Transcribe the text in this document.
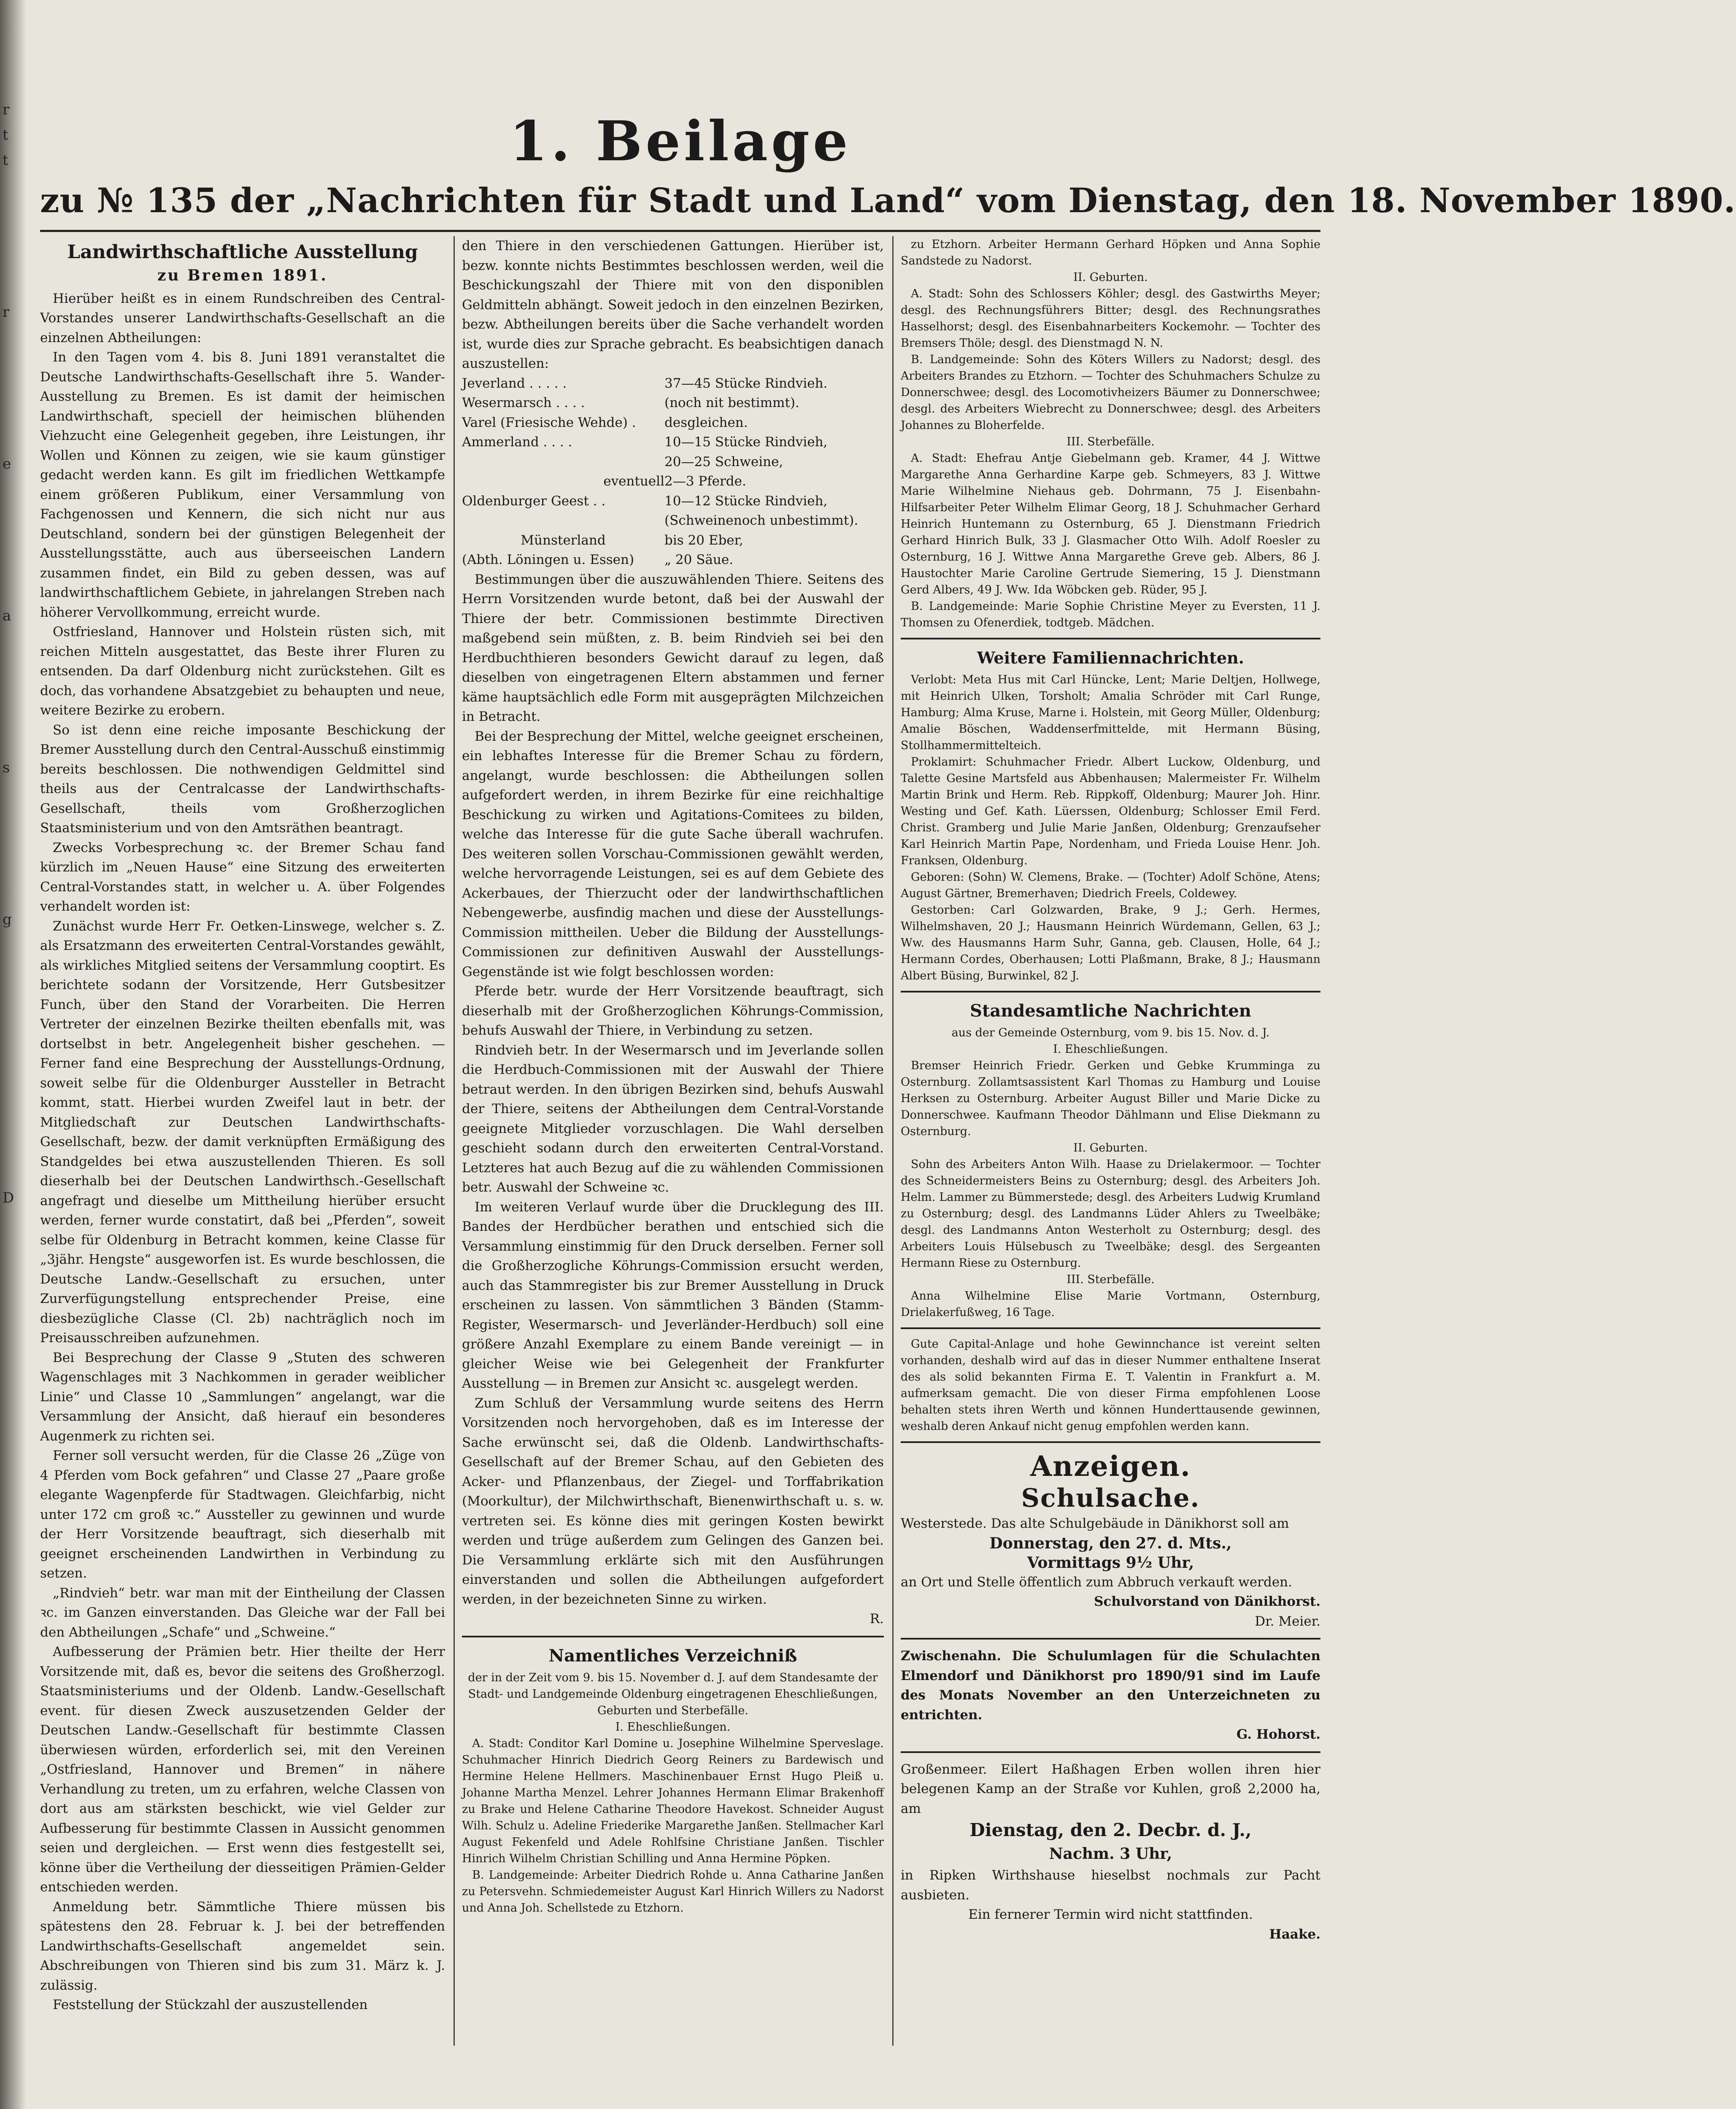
r
t
t
r
e
a
s
g
D
1. Beilage
zu № 135 der „Nachrichten für Stadt und Land“ vom Dienstag, den 18. November 1890.
Landwirthschaftliche Ausstellung
zu Bremen 1891.

Hierüber heißt es in einem Rundschreiben des Central-Vorstandes unserer Landwirthschafts-Gesellschaft an die einzelnen Abtheilungen:

In den Tagen vom 4. bis 8. Juni 1891 veranstaltet die Deutsche Landwirthschafts-Gesellschaft ihre 5. Wander-Ausstellung zu Bremen. Es ist damit der heimischen Landwirthschaft, speciell der heimischen blühenden Viehzucht eine Gelegenheit gegeben, ihre Leistungen, ihr Wollen und Können zu zeigen, wie sie kaum günstiger gedacht werden kann. Es gilt im friedlichen Wettkampfe einem größeren Publikum, einer Versammlung von Fachgenossen und Kennern, die sich nicht nur aus Deutschland, sondern bei der günstigen Belegenheit der Ausstellungsstätte, auch aus überseeischen Landern zusammen findet, ein Bild zu geben dessen, was auf landwirthschaftlichem Gebiete, in jahrelangen Streben nach höherer Vervollkommung, erreicht wurde.

Ostfriesland, Hannover und Holstein rüsten sich, mit reichen Mitteln ausgestattet, das Beste ihrer Fluren zu entsenden. Da darf Oldenburg nicht zurückstehen. Gilt es doch, das vorhandene Absatzgebiet zu behaupten und neue, weitere Bezirke zu erobern.

So ist denn eine reiche imposante Beschickung der Bremer Ausstellung durch den Central-Ausschuß einstimmig bereits beschlossen. Die nothwendigen Geldmittel sind theils aus der Centralcasse der Landwirthschafts-Gesellschaft, theils vom Großherzoglichen Staatsministerium und von den Amtsräthen beantragt.

Zwecks Vorbesprechung ꝛc. der Bremer Schau fand kürzlich im „Neuen Hause“ eine Sitzung des erweiterten Central-Vorstandes statt, in welcher u. A. über Folgendes verhandelt worden ist:

Zunächst wurde Herr Fr. Oetken-Linswege, welcher s. Z. als Ersatzmann des erweiterten Central-Vorstandes gewählt, als wirkliches Mitglied seitens der Versammlung cooptirt. Es berichtete sodann der Vorsitzende, Herr Gutsbesitzer Funch, über den Stand der Vorarbeiten. Die Herren Vertreter der einzelnen Bezirke theilten ebenfalls mit, was dortselbst in betr. Angelegenheit bisher geschehen. — Ferner fand eine Besprechung der Ausstellungs-Ordnung, soweit selbe für die Oldenburger Aussteller in Betracht kommt, statt. Hierbei wurden Zweifel laut in betr. der Mitgliedschaft zur Deutschen Landwirthschafts-Gesellschaft, bezw. der damit verknüpften Ermäßigung des Standgeldes bei etwa auszustellenden Thieren. Es soll dieserhalb bei der Deutschen Landwirthsch.-Gesellschaft angefragt und dieselbe um Mittheilung hierüber ersucht werden, ferner wurde constatirt, daß bei „Pferden“, soweit selbe für Oldenburg in Betracht kommen, keine Classe für „3jähr. Hengste“ ausgeworfen ist. Es wurde beschlossen, die Deutsche Landw.-Gesellschaft zu ersuchen, unter Zurverfügungstellung entsprechender Preise, eine diesbezügliche Classe (Cl. 2b) nachträglich noch im Preisausschreiben aufzunehmen.

Bei Besprechung der Classe 9 „Stuten des schweren Wagenschlages mit 3 Nachkommen in gerader weiblicher Linie“ und Classe 10 „Sammlungen“ angelangt, war die Versammlung der Ansicht, daß hierauf ein besonderes Augenmerk zu richten sei.

Ferner soll versucht werden, für die Classe 26 „Züge von 4 Pferden vom Bock gefahren“ und Classe 27 „Paare große elegante Wagenpferde für Stadtwagen. Gleichfarbig, nicht unter 172 cm groß ꝛc.“ Aussteller zu gewinnen und wurde der Herr Vorsitzende beauftragt, sich dieserhalb mit geeignet erscheinenden Landwirthen in Verbindung zu setzen.

„Rindvieh“ betr. war man mit der Eintheilung der Classen ꝛc. im Ganzen einverstanden. Das Gleiche war der Fall bei den Abtheilungen „Schafe“ und „Schweine.“

Aufbesserung der Prämien betr. Hier theilte der Herr Vorsitzende mit, daß es, bevor die seitens des Großherzogl. Staatsministeriums und der Oldenb. Landw.-Gesellschaft event. für diesen Zweck auszusetzenden Gelder der Deutschen Landw.-Gesellschaft für bestimmte Classen überwiesen würden, erforderlich sei, mit den Vereinen „Ostfriesland, Hannover und Bremen“ in nähere Verhandlung zu treten, um zu erfahren, welche Classen von dort aus am stärksten beschickt, wie viel Gelder zur Aufbesserung für bestimmte Classen in Aussicht genommen seien und dergleichen. — Erst wenn dies festgestellt sei, könne über die Vertheilung der diesseitigen Prämien-Gelder entschieden werden.

Anmeldung betr. Sämmtliche Thiere müssen bis spätestens den 28. Februar k. J. bei der betreffenden Landwirthschafts-Gesellschaft angemeldet sein. Abschreibungen von Thieren sind bis zum 31. März k. J. zulässig.

Feststellung der Stückzahl der auszustellenden

den Thiere in den verschiedenen Gattungen. Hierüber ist, bezw. konnte nichts Bestimmtes beschlossen werden, weil die Beschickungszahl der Thiere mit von den disponiblen Geldmitteln abhängt. Soweit jedoch in den einzelnen Bezirken, bezw. Abtheilungen bereits über die Sache verhandelt worden ist, wurde dies zur Sprache gebracht. Es beabsichtigen danach auszustellen:

Jeverland . . . . .	37—45 Stücke Rindvieh.
Wesermarsch . . . .	(noch nit bestimmt).
Varel (Friesische Wehde) .	desgleichen.
Ammerland . . . .	10—15 Stücke Rindvieh,
20—25 Schweine,
eventuell 2—3 Pferde.
Oldenburger Geest . .	10—12 Stücke Rindvieh,
(Schweinenoch unbestimmt).
Münsterland	bis 20 Eber,
(Abth. Löningen u. Essen)	„ 20 Säue.

Bestimmungen über die auszuwählenden Thiere. Seitens des Herrn Vorsitzenden wurde betont, daß bei der Auswahl der Thiere der betr. Commissionen bestimmte Directiven maßgebend sein müßten, z. B. beim Rindvieh sei bei den Herdbuchthieren besonders Gewicht darauf zu legen, daß dieselben von eingetragenen Eltern abstammen und ferner käme hauptsächlich edle Form mit ausgeprägten Milchzeichen in Betracht.

Bei der Besprechung der Mittel, welche geeignet erscheinen, ein lebhaftes Interesse für die Bremer Schau zu fördern, angelangt, wurde beschlossen: die Abtheilungen sollen aufgefordert werden, in ihrem Bezirke für eine reichhaltige Beschickung zu wirken und Agitations-Comitees zu bilden, welche das Interesse für die gute Sache überall wachrufen. Des weiteren sollen Vorschau-Commissionen gewählt werden, welche hervorragende Leistungen, sei es auf dem Gebiete des Ackerbaues, der Thierzucht oder der landwirthschaftlichen Nebengewerbe, ausfindig machen und diese der Ausstellungs-Commission mittheilen. Ueber die Bildung der Ausstellungs-Commissionen zur definitiven Auswahl der Ausstellungs-Gegenstände ist wie folgt beschlossen worden:

Pferde betr. wurde der Herr Vorsitzende beauftragt, sich dieserhalb mit der Großherzoglichen Köhrungs-Commission, behufs Auswahl der Thiere, in Verbindung zu setzen.

Rindvieh betr. In der Wesermarsch und im Jeverlande sollen die Herdbuch-Commissionen mit der Auswahl der Thiere betraut werden. In den übrigen Bezirken sind, behufs Auswahl der Thiere, seitens der Abtheilungen dem Central-Vorstande geeignete Mitglieder vorzuschlagen. Die Wahl derselben geschieht sodann durch den erweiterten Central-Vorstand. Letzteres hat auch Bezug auf die zu wählenden Commissionen betr. Auswahl der Schweine ꝛc.

Im weiteren Verlauf wurde über die Drucklegung des III. Bandes der Herdbücher berathen und entschied sich die Versammlung einstimmig für den Druck derselben. Ferner soll die Großherzogliche Köhrungs-Commission ersucht werden, auch das Stammregister bis zur Bremer Ausstellung in Druck erscheinen zu lassen. Von sämmtlichen 3 Bänden (Stamm-Register, Wesermarsch- und Jeverländer-Herdbuch) soll eine größere Anzahl Exemplare zu einem Bande vereinigt — in gleicher Weise wie bei Gelegenheit der Frankfurter Ausstellung — in Bremen zur Ansicht ꝛc. ausgelegt werden.

Zum Schluß der Versammlung wurde seitens des Herrn Vorsitzenden noch hervorgehoben, daß es im Interesse der Sache erwünscht sei, daß die Oldenb. Landwirthschafts-Gesellschaft auf der Bremer Schau, auf den Gebieten des Acker- und Pflanzenbaus, der Ziegel- und Torffabrikation (Moorkultur), der Milchwirthschaft, Bienenwirthschaft u. s. w. vertreten sei. Es könne dies mit geringen Kosten bewirkt werden und trüge außerdem zum Gelingen des Ganzen bei. Die Versammlung erklärte sich mit den Ausführungen einverstanden und sollen die Abtheilungen aufgefordert werden, in der bezeichneten Sinne zu wirken.

R.

Namentliches Verzeichniß

der in der Zeit vom 9. bis 15. November d. J. auf dem Standesamte der Stadt- und Landgemeinde Oldenburg eingetragenen Eheschließungen, Geburten und Sterbefälle.

I. Eheschließungen.

A. Stadt: Conditor Karl Domine u. Josephine Wilhelmine Sperveslage. Schuhmacher Hinrich Diedrich Georg Reiners zu Bardewisch und Hermine Helene Hellmers. Maschinenbauer Ernst Hugo Pleiß u. Johanne Martha Menzel. Lehrer Johannes Hermann Elimar Brakenhoff zu Brake und Helene Catharine Theodore Havekost. Schneider August Wilh. Schulz u. Adeline Friederike Margarethe Janßen. Stellmacher Karl August Fekenfeld und Adele Rohlfsine Christiane Janßen. Tischler Hinrich Wilhelm Christian Schilling und Anna Hermine Pöpken.

B. Landgemeinde: Arbeiter Diedrich Rohde u. Anna Catharine Janßen zu Petersvehn. Schmiedemeister August Karl Hinrich Willers zu Nadorst und Anna Joh. Schellstede zu Etzhorn.

zu Etzhorn. Arbeiter Hermann Gerhard Höpken und Anna Sophie Sandstede zu Nadorst.

II. Geburten.

A. Stadt: Sohn des Schlossers Köhler; desgl. des Gastwirths Meyer; desgl. des Rechnungsführers Bitter; desgl. des Rechnungsrathes Hasselhorst; desgl. des Eisenbahnarbeiters Kockemohr. — Tochter des Bremsers Thöle; desgl. des Dienstmagd N. N.

B. Landgemeinde: Sohn des Köters Willers zu Nadorst; desgl. des Arbeiters Brandes zu Etzhorn. — Tochter des Schuhmachers Schulze zu Donnerschwee; desgl. des Locomotivheizers Bäumer zu Donnerschwee; desgl. des Arbeiters Wiebrecht zu Donnerschwee; desgl. des Arbeiters Johannes zu Bloherfelde.

III. Sterbefälle.

A. Stadt: Ehefrau Antje Giebelmann geb. Kramer, 44 J. Wittwe Margarethe Anna Gerhardine Karpe geb. Schmeyers, 83 J. Wittwe Marie Wilhelmine Niehaus geb. Dohrmann, 75 J. Eisenbahn-Hilfsarbeiter Peter Wilhelm Elimar Georg, 18 J. Schuhmacher Gerhard Heinrich Huntemann zu Osternburg, 65 J. Dienstmann Friedrich Gerhard Hinrich Bulk, 33 J. Glasmacher Otto Wilh. Adolf Roesler zu Osternburg, 16 J. Wittwe Anna Margarethe Greve geb. Albers, 86 J. Haustochter Marie Caroline Gertrude Siemering, 15 J. Dienstmann Gerd Albers, 49 J. Ww. Ida Wöbcken geb. Rüder, 95 J.

B. Landgemeinde: Marie Sophie Christine Meyer zu Eversten, 11 J. Thomsen zu Ofenerdiek, todtgeb. Mädchen.

Weitere Familiennachrichten.

Verlobt: Meta Hus mit Carl Hüncke, Lent; Marie Deltjen, Hollwege, mit Heinrich Ulken, Torsholt; Amalia Schröder mit Carl Runge, Hamburg; Alma Kruse, Marne i. Holstein, mit Georg Müller, Oldenburg; Amalie Böschen, Waddenserfmittelde, mit Hermann Büsing, Stollhammermittelteich.

Proklamirt: Schuhmacher Friedr. Albert Luckow, Oldenburg, und Talette Gesine Martsfeld aus Abbenhausen; Malermeister Fr. Wilhelm Martin Brink und Herm. Reb. Rippkoff, Oldenburg; Maurer Joh. Hinr. Westing und Gef. Kath. Lüerssen, Oldenburg; Schlosser Emil Ferd. Christ. Gramberg und Julie Marie Janßen, Oldenburg; Grenzaufseher Karl Heinrich Martin Pape, Nordenham, und Frieda Louise Henr. Joh. Franksen, Oldenburg.

Geboren: (Sohn) W. Clemens, Brake. — (Tochter) Adolf Schöne, Atens; August Gärtner, Bremerhaven; Diedrich Freels, Coldewey.

Gestorben: Carl Golzwarden, Brake, 9 J.; Gerh. Hermes, Wilhelmshaven, 20 J.; Hausmann Heinrich Würdemann, Gellen, 63 J.; Ww. des Hausmanns Harm Suhr, Ganna, geb. Clausen, Holle, 64 J.; Hermann Cordes, Oberhausen; Lotti Plaßmann, Brake, 8 J.; Hausmann Albert Büsing, Burwinkel, 82 J.

Standesamtliche Nachrichten

aus der Gemeinde Osternburg, vom 9. bis 15. Nov. d. J.

I. Eheschließungen.

Bremser Heinrich Friedr. Gerken und Gebke Krumminga zu Osternburg. Zollamtsassistent Karl Thomas zu Hamburg und Louise Herksen zu Osternburg. Arbeiter August Biller und Marie Dicke zu Donnerschwee. Kaufmann Theodor Dählmann und Elise Diekmann zu Osternburg.

II. Geburten.

Sohn des Arbeiters Anton Wilh. Haase zu Drielakermoor. — Tochter des Schneidermeisters Beins zu Osternburg; desgl. des Arbeiters Joh. Helm. Lammer zu Bümmerstede; desgl. des Arbeiters Ludwig Krumland zu Osternburg; desgl. des Landmanns Lüder Ahlers zu Tweelbäke; desgl. des Landmanns Anton Westerholt zu Osternburg; desgl. des Arbeiters Louis Hülsebusch zu Tweelbäke; desgl. des Sergeanten Hermann Riese zu Osternburg.

III. Sterbefälle.

Anna Wilhelmine Elise Marie Vortmann, Osternburg, Drielakerfußweg, 16 Tage.

Gute Capital-Anlage und hohe Gewinnchance ist vereint selten vorhanden, deshalb wird auf das in dieser Nummer enthaltene Inserat des als solid bekannten Firma E. T. Valentin in Frankfurt a. M. aufmerksam gemacht. Die von dieser Firma empfohlenen Loose behalten stets ihren Werth und können Hunderttausende gewinnen, weshalb deren Ankauf nicht genug empfohlen werden kann.

Anzeigen.
Schulsache.

Westerstede. Das alte Schulgebäude in Dänikhorst soll am

Donnerstag, den 27. d. Mts.,
Vormittags 9½ Uhr,

an Ort und Stelle öffentlich zum Abbruch verkauft werden.

Schulvorstand von Dänikhorst.

Dr. Meier.

Zwischenahn. Die Schulumlagen für die Schulachten Elmendorf und Dänikhorst pro 1890/91 sind im Laufe des Monats November an den Unterzeichneten zu entrichten.

G. Hohorst.

Großenmeer. Eilert Haßhagen Erben wollen ihren hier belegenen Kamp an der Straße vor Kuhlen, groß 2,2000 ha, am

Dienstag, den 2. Decbr. d. J.,
Nachm. 3 Uhr,

in Ripken Wirthshause hieselbst nochmals zur Pacht ausbieten.

Ein fernerer Termin wird nicht stattfinden.

Haake.
